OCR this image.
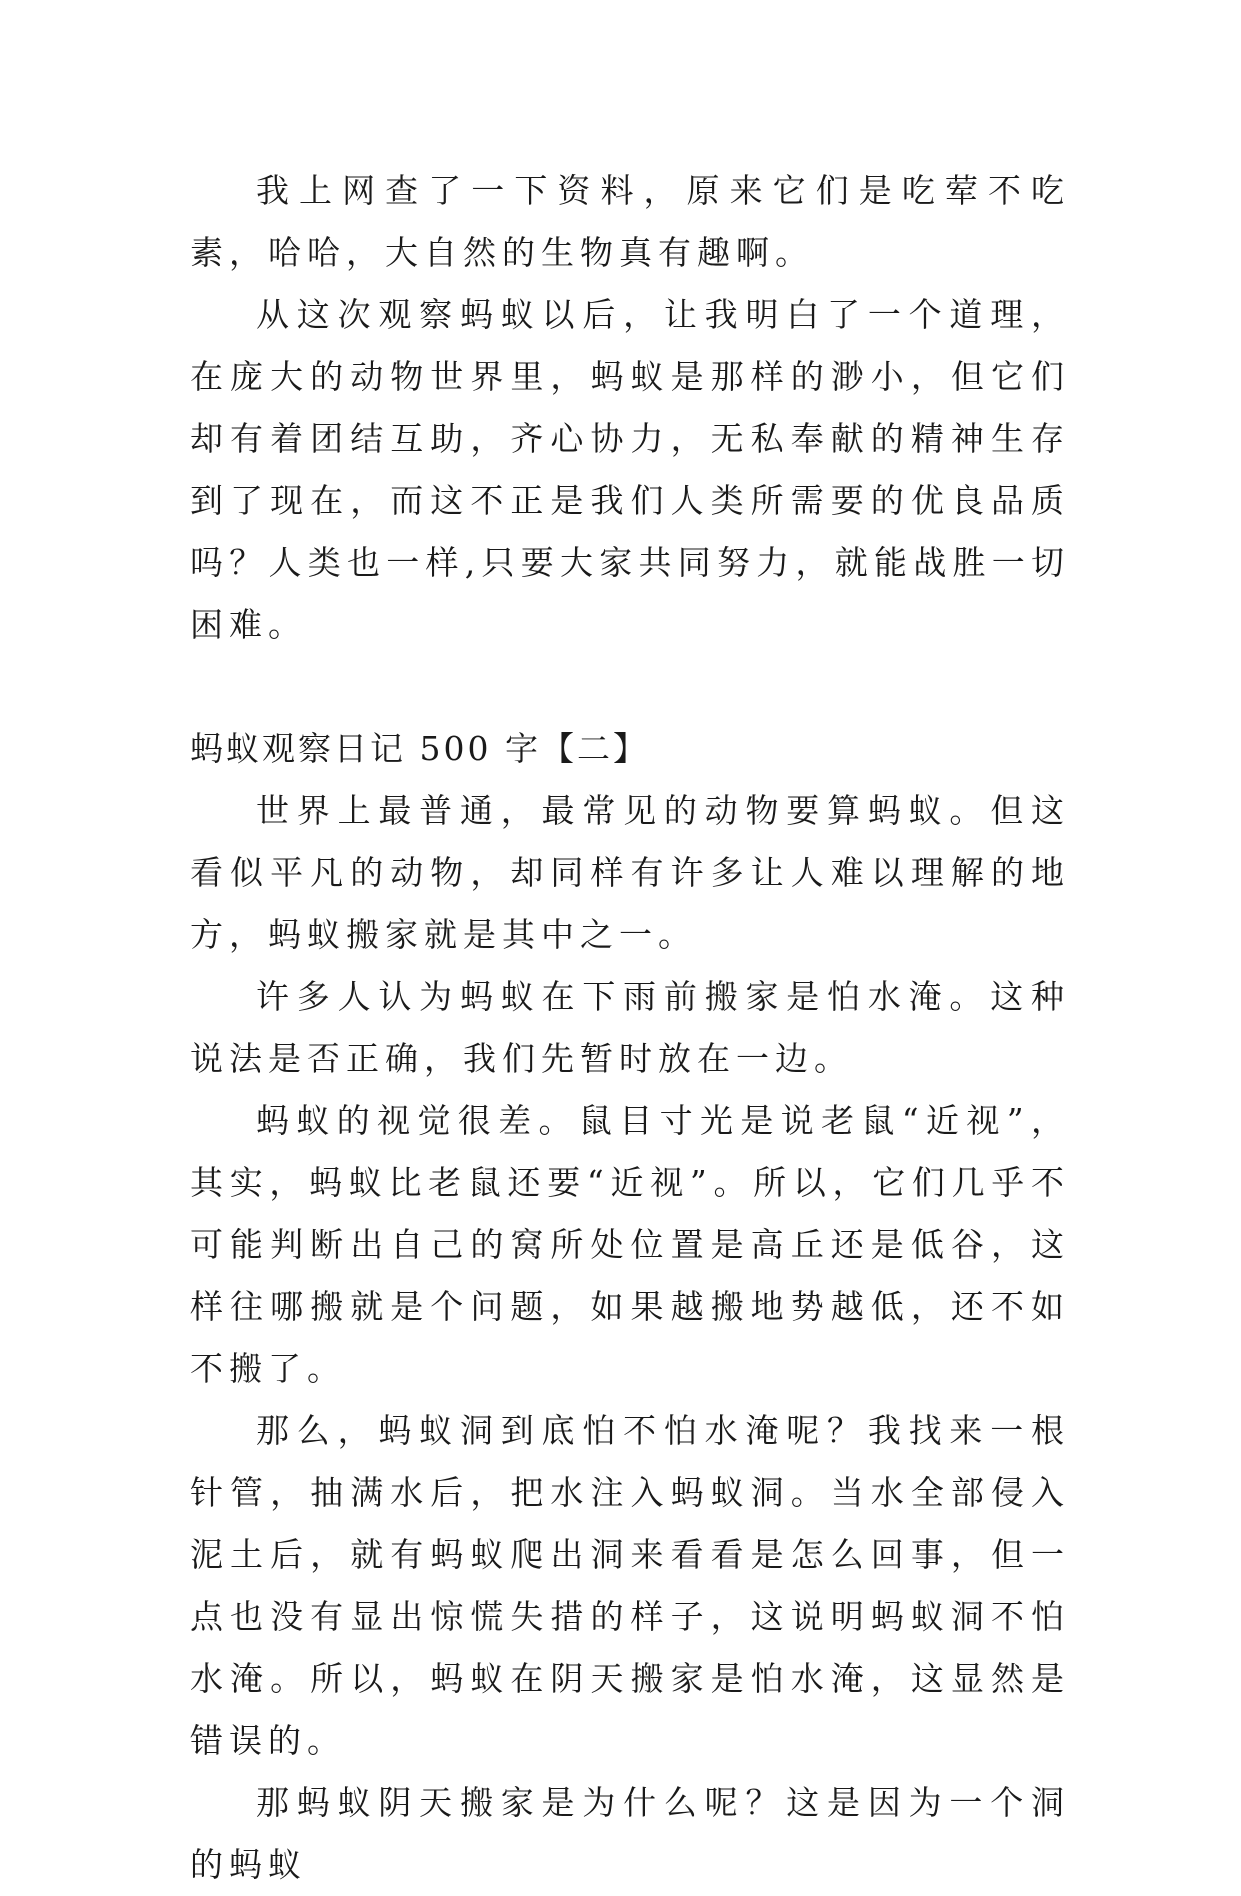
我上网查了一下资料，原来它们是吃荤不吃素，哈哈，大自然的生物真有趣啊。

从这次观察蚂蚁以后，让我明白了一个道理，在庞大的动物世界里，蚂蚁是那样的渺小，但它们却有着团结互助，齐心协力，无私奉献的精神生存到了现在，而这不正是我们人类所需要的优良品质吗？人类也一样,只要大家共同努力，就能战胜一切困难。

蚂蚁观察日记 500 字【二】

世界上最普通，最常见的动物要算蚂蚁。但这看似平凡的动物，却同样有许多让人难以理解的地方，蚂蚁搬家就是其中之一。

许多人认为蚂蚁在下雨前搬家是怕水淹。这种说法是否正确，我们先暂时放在一边。

蚂蚁的视觉很差。鼠目寸光是说老鼠“近视”，其实，蚂蚁比老鼠还要“近视”。所以，它们几乎不可能判断出自己的窝所处位置是高丘还是低谷，这样往哪搬就是个问题，如果越搬地势越低，还不如不搬了。

那么，蚂蚁洞到底怕不怕水淹呢？我找来一根针管，抽满水后，把水注入蚂蚁洞。当水全部侵入泥土后，就有蚂蚁爬出洞来看看是怎么回事，但一点也没有显出惊慌失措的样子，这说明蚂蚁洞不怕水淹。所以，蚂蚁在阴天搬家是怕水淹，这显然是错误的。

那蚂蚁阴天搬家是为什么呢？这是因为一个洞的蚂蚁
